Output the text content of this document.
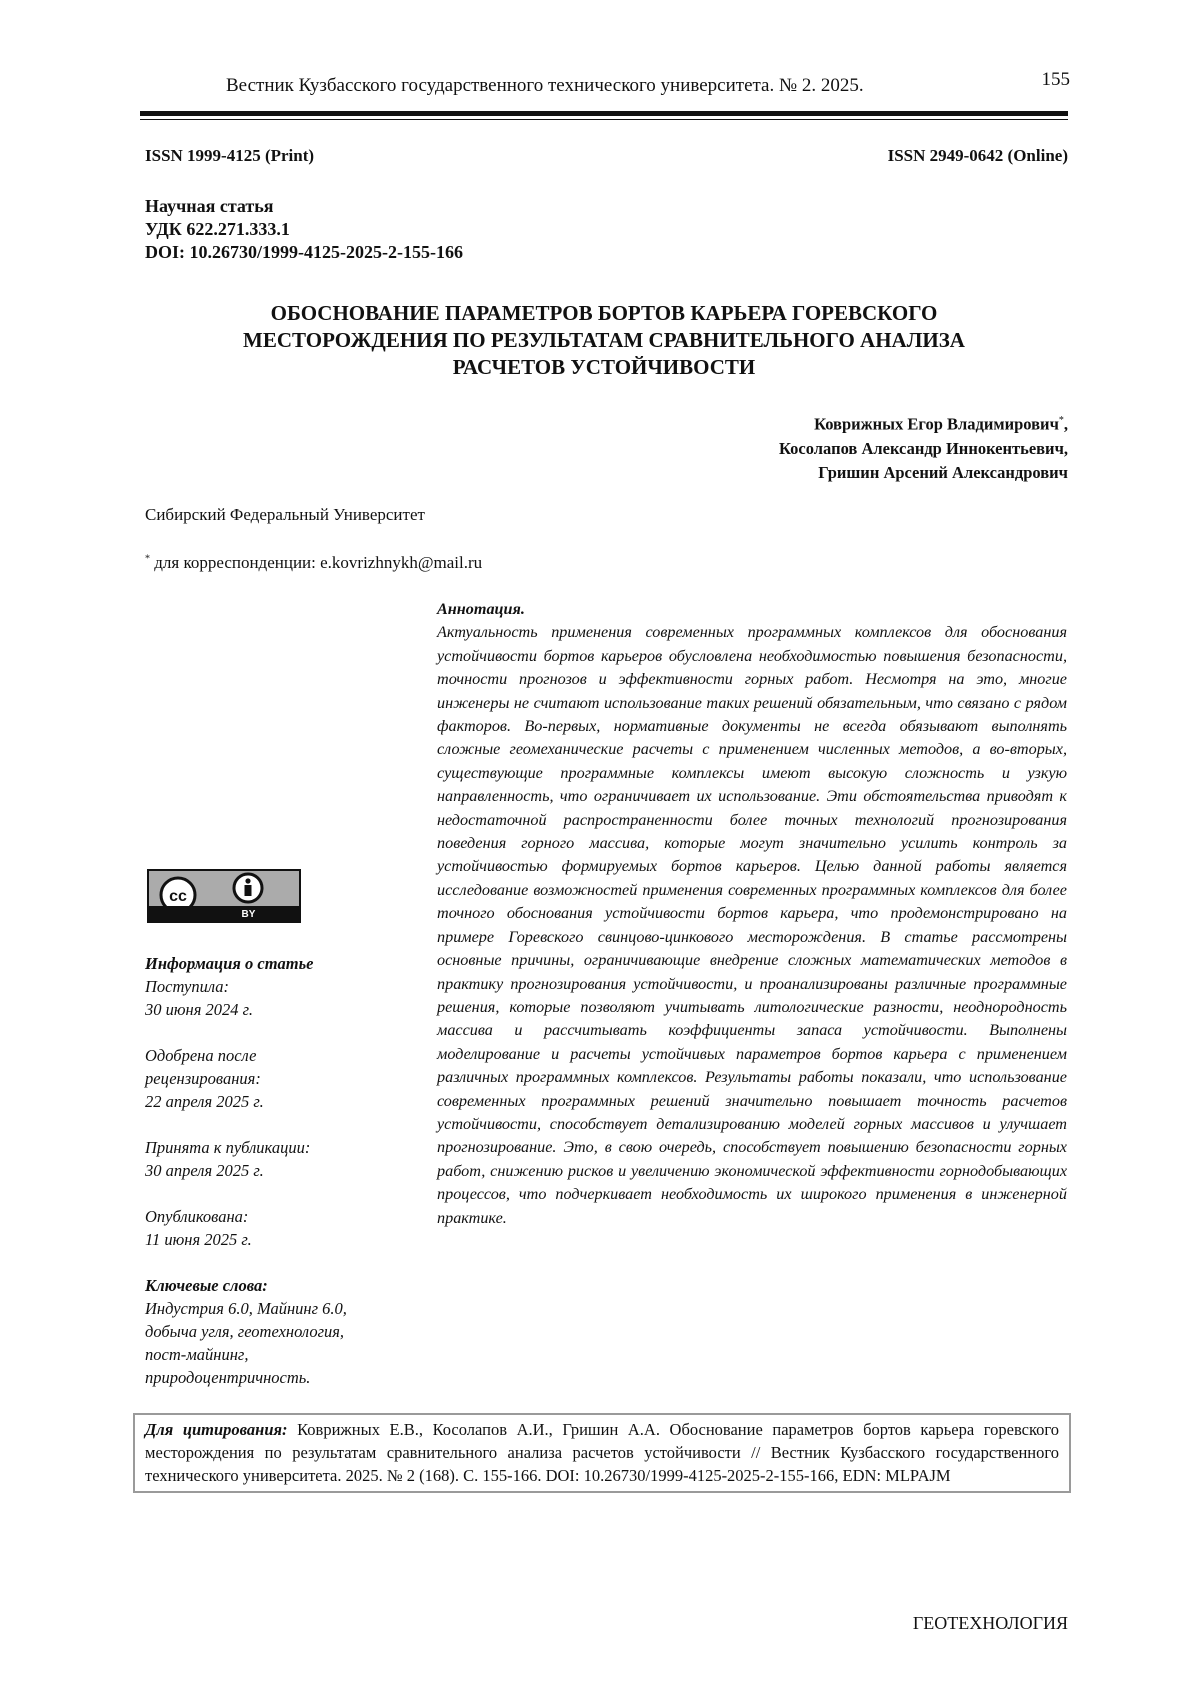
Вестник Кузбасского государственного технического университета. № 2. 2025.	155
ISSN 1999-4125 (Print)	ISSN 2949-0642 (Online)
Научная статья
УДК 622.271.333.1
DOI: 10.26730/1999-4125-2025-2-155-166
ОБОСНОВАНИЕ ПАРАМЕТРОВ БОРТОВ КАРЬЕРА ГОРЕВСКОГО
МЕСТОРОЖДЕНИЯ ПО РЕЗУЛЬТАТАМ СРАВНИТЕЛЬНОГО АНАЛИЗА
РАСЧЕТОВ УСТОЙЧИВОСТИ
Коврижных Егор Владимирович*,
Косолапов Александр Иннокентьевич,
Гришин Арсений Александрович
Сибирский Федеральный Университет
* для корреспонденции: e.kovrizhnykh@mail.ru
cc
BY
Информация о статье
Поступила:
30 июня 2024 г.
Одобрена после
рецензирования:
22 апреля 2025 г.
Принята к публикации:
30 апреля 2025 г.
Опубликована:
11 июня 2025 г.
Ключевые слова:
Индустрия 6.0, Майнинг 6.0,
добыча угля, геотехнология,
пост-майнинг,
природоцентричность.
Аннотация.
Актуальность применения современных программных комплексов для обоснования устойчивости бортов карьеров обусловлена необходимостью повышения безопасности, точности прогнозов и эффективности горных работ. Несмотря на это, многие инженеры не считают использование таких решений обязательным, что связано с рядом факторов. Во-первых, нормативные документы не всегда обязывают выполнять сложные геомеханические расчеты с применением численных методов, а во-вторых, существующие программные комплексы имеют высокую сложность и узкую направленность, что ограничивает их использование. Эти обстоятельства приводят к недостаточной распространенности более точных технологий прогнозирования поведения горного массива, которые могут значительно усилить контроль за устойчивостью формируемых бортов карьеров. Целью данной работы является исследование возможностей применения современных программных комплексов для более точного обоснования устойчивости бортов карьера, что продемонстрировано на примере Горевского свинцово-цинкового месторождения. В статье рассмотрены основные причины, ограничивающие внедрение сложных математических методов в практику прогнозирования устойчивости, и проанализированы различные программные решения, которые позволяют учитывать литологические разности, неоднородность массива и рассчитывать коэффициенты запаса устойчивости. Выполнены моделирование и расчеты устойчивых параметров бортов карьера с применением различных программных комплексов. Результаты работы показали, что использование современных программных решений значительно повышает точность расчетов устойчивости, способствует детализированию моделей горных массивов и улучшает прогнозирование. Это, в свою очередь, способствует повышению безопасности горных работ, снижению рисков и увеличению экономической эффективности горнодобывающих процессов, что подчеркивает необходимость их широкого применения в инженерной практике.
Для цитирования: Коврижных Е.В., Косолапов А.И., Гришин А.А. Обоснование параметров бортов карьера горевского месторождения по результатам сравнительного анализа расчетов устойчивости // Вестник Кузбасского государственного технического университета. 2025. № 2 (168). С. 155-166. DOI: 10.26730/1999-4125-2025-2-155-166, EDN: MLPAJM
ГЕОТЕХНОЛОГИЯ
